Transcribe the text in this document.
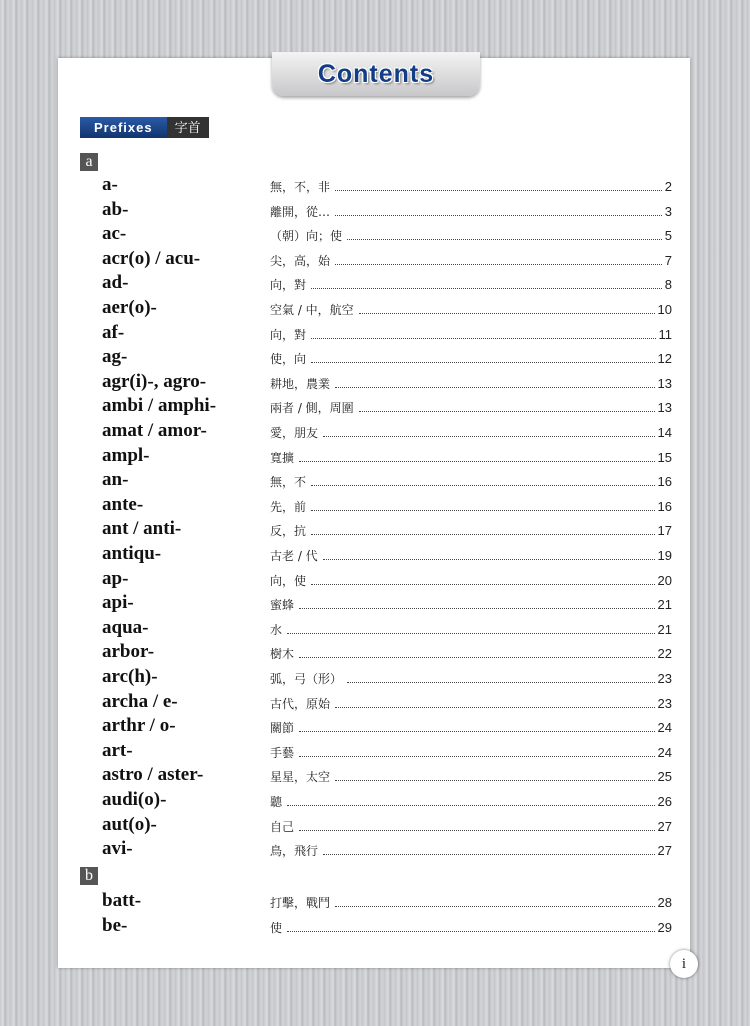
Contents
Prefixes	字首
a
b
a-	無，不，非	2
ab-	離開，從…	3
ac-	（朝）向；使	5
acr(o) / acu-	尖，高，始	7
ad-	向，對	8
aer(o)-	空氣 / 中，航空	10
af-	向，對	11
ag-	使，向	12
agr(i)-, agro-	耕地，農業	13
ambi / amphi-	兩者 / 側，周圍	13
amat / amor-	愛，朋友	14
ampl-	寬擴	15
an-	無，不	16
ante-	先，前	16
ant / anti-	反，抗	17
antiqu-	古老 / 代	19
ap-	向，使	20
api-	蜜蜂	21
aqua-	水	21
arbor-	樹木	22
arc(h)-	弧，弓（形）	23
archa / e-	古代，原始	23
arthr / o-	關節	24
art-	手藝	24
astro / aster-	星星，太空	25
audi(o)-	聽	26
aut(o)-	自己	27
avi-	鳥，飛行	27
batt-	打擊，戰鬥	28
be-	使	29
i
